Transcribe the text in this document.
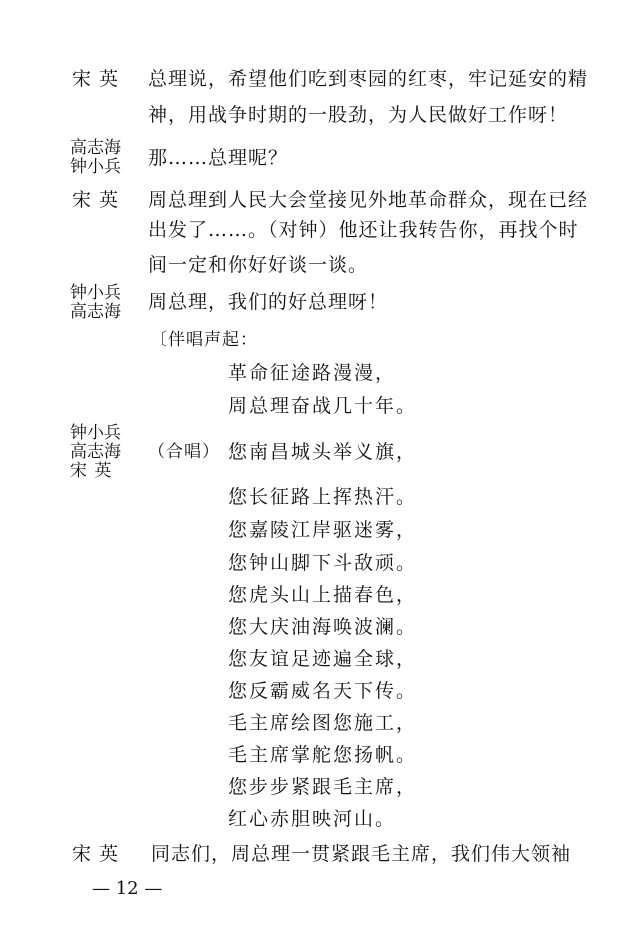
宋 英 总理说，希望他们吃到枣园的红枣，牢记延安的精
神，用战争时期的一股劲，为人民做好工作呀！
高志海
钟小兵 那……总理呢？
宋 英 周总理到人民大会堂接见外地革命群众，现在已经
出发了……。（对钟）他还让我转告你，再找个时
间一定和你好好谈一谈。
钟小兵
高志海 周总理，我们的好总理呀！
〔伴唱声起：
革命征途路漫漫，
周总理奋战几十年。
钟小兵
高志海
宋 英
（合唱） 您南昌城头举义旗，
您长征路上挥热汗。
您嘉陵江岸驱迷雾，
您钟山脚下斗敌顽。
您虎头山上描春色，
您大庆油海唤波澜。
您友谊足迹遍全球，
您反霸威名天下传。
毛主席绘图您施工，
毛主席掌舵您扬帆。
您步步紧跟毛主席，
红心赤胆映河山。
宋 英 同志们，周总理一贯紧跟毛主席，我们伟大领袖
— 12 —
